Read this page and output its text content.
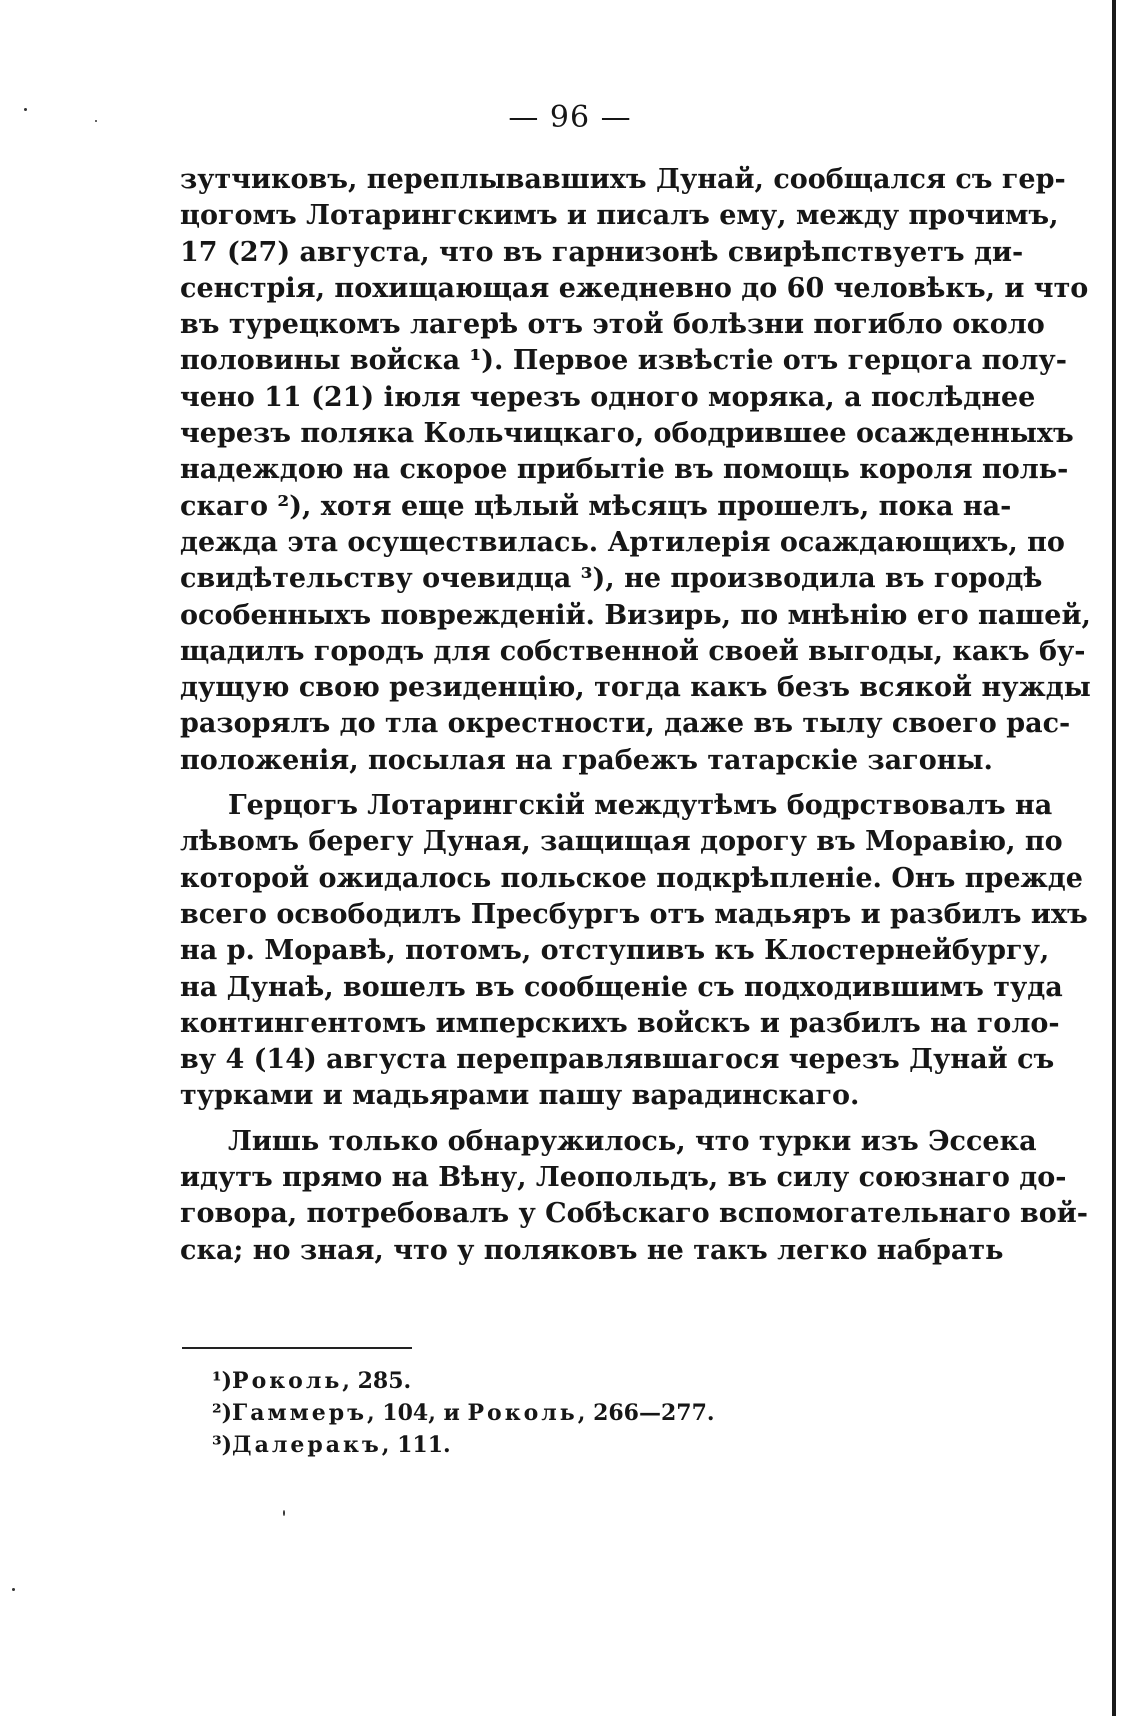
— 96 —
зутчиковъ, переплывавшихъ Дунай, сообщался съ гер-
цогомъ Лотарингскимъ и писалъ ему, между прочимъ,
17 (27) августа, что въ гарнизонѣ свирѣпствуетъ ди-
сенстрія, похищающая ежедневно до 60 человѣкъ, и что
въ турецкомъ лагерѣ отъ этой болѣзни погибло около
половины войска ¹). Первое извѣстіе отъ герцога полу-
чено 11 (21) іюля черезъ одного моряка, а послѣднее
черезъ поляка Кольчицкаго, ободрившее осажденныхъ
надеждою на скорое прибытіе въ помощь короля поль-
скаго ²), хотя еще цѣлый мѣсяцъ прошелъ, пока на-
дежда эта осуществилась. Артилерія осаждающихъ, по
свидѣтельству очевидца ³), не производила въ городѣ
особенныхъ поврежденій. Визирь, по мнѣнію его пашей,
щадилъ городъ для собственной своей выгоды, какъ бу-
дущую свою резиденцію, тогда какъ безъ всякой нужды
разорялъ до тла окрестности, даже въ тылу своего рас-
положенія, посылая на грабежъ татарскіе загоны.
Герцогъ Лотарингскій междутѣмъ бодрствовалъ на
лѣвомъ берегу Дуная, защищая дорогу въ Моравію, по
которой ожидалось польское подкрѣпленіе. Онъ прежде
всего освободилъ Пресбургъ отъ мадьяръ и разбилъ ихъ
на р. Моравѣ, потомъ, отступивъ къ Клостернейбургу,
на Дунаѣ, вошелъ въ сообщеніе съ подходившимъ туда
контингентомъ имперскихъ войскъ и разбилъ на голо-
ву 4 (14) августа переправлявшагося черезъ Дунай съ
турками и мадьярами пашу варадинскаго.
Лишь только обнаружилось, что турки изъ Эссека
идутъ прямо на Вѣну, Леопольдъ, въ силу союзнаго до-
говора, потребовалъ у Собѣскаго вспомогательнаго вой-
ска; но зная, что у поляковъ не такъ легко набрать
¹)Роколь, 285.
²)Гаммеръ, 104, и Роколь, 266—277.
³)Далеракъ, 111.
